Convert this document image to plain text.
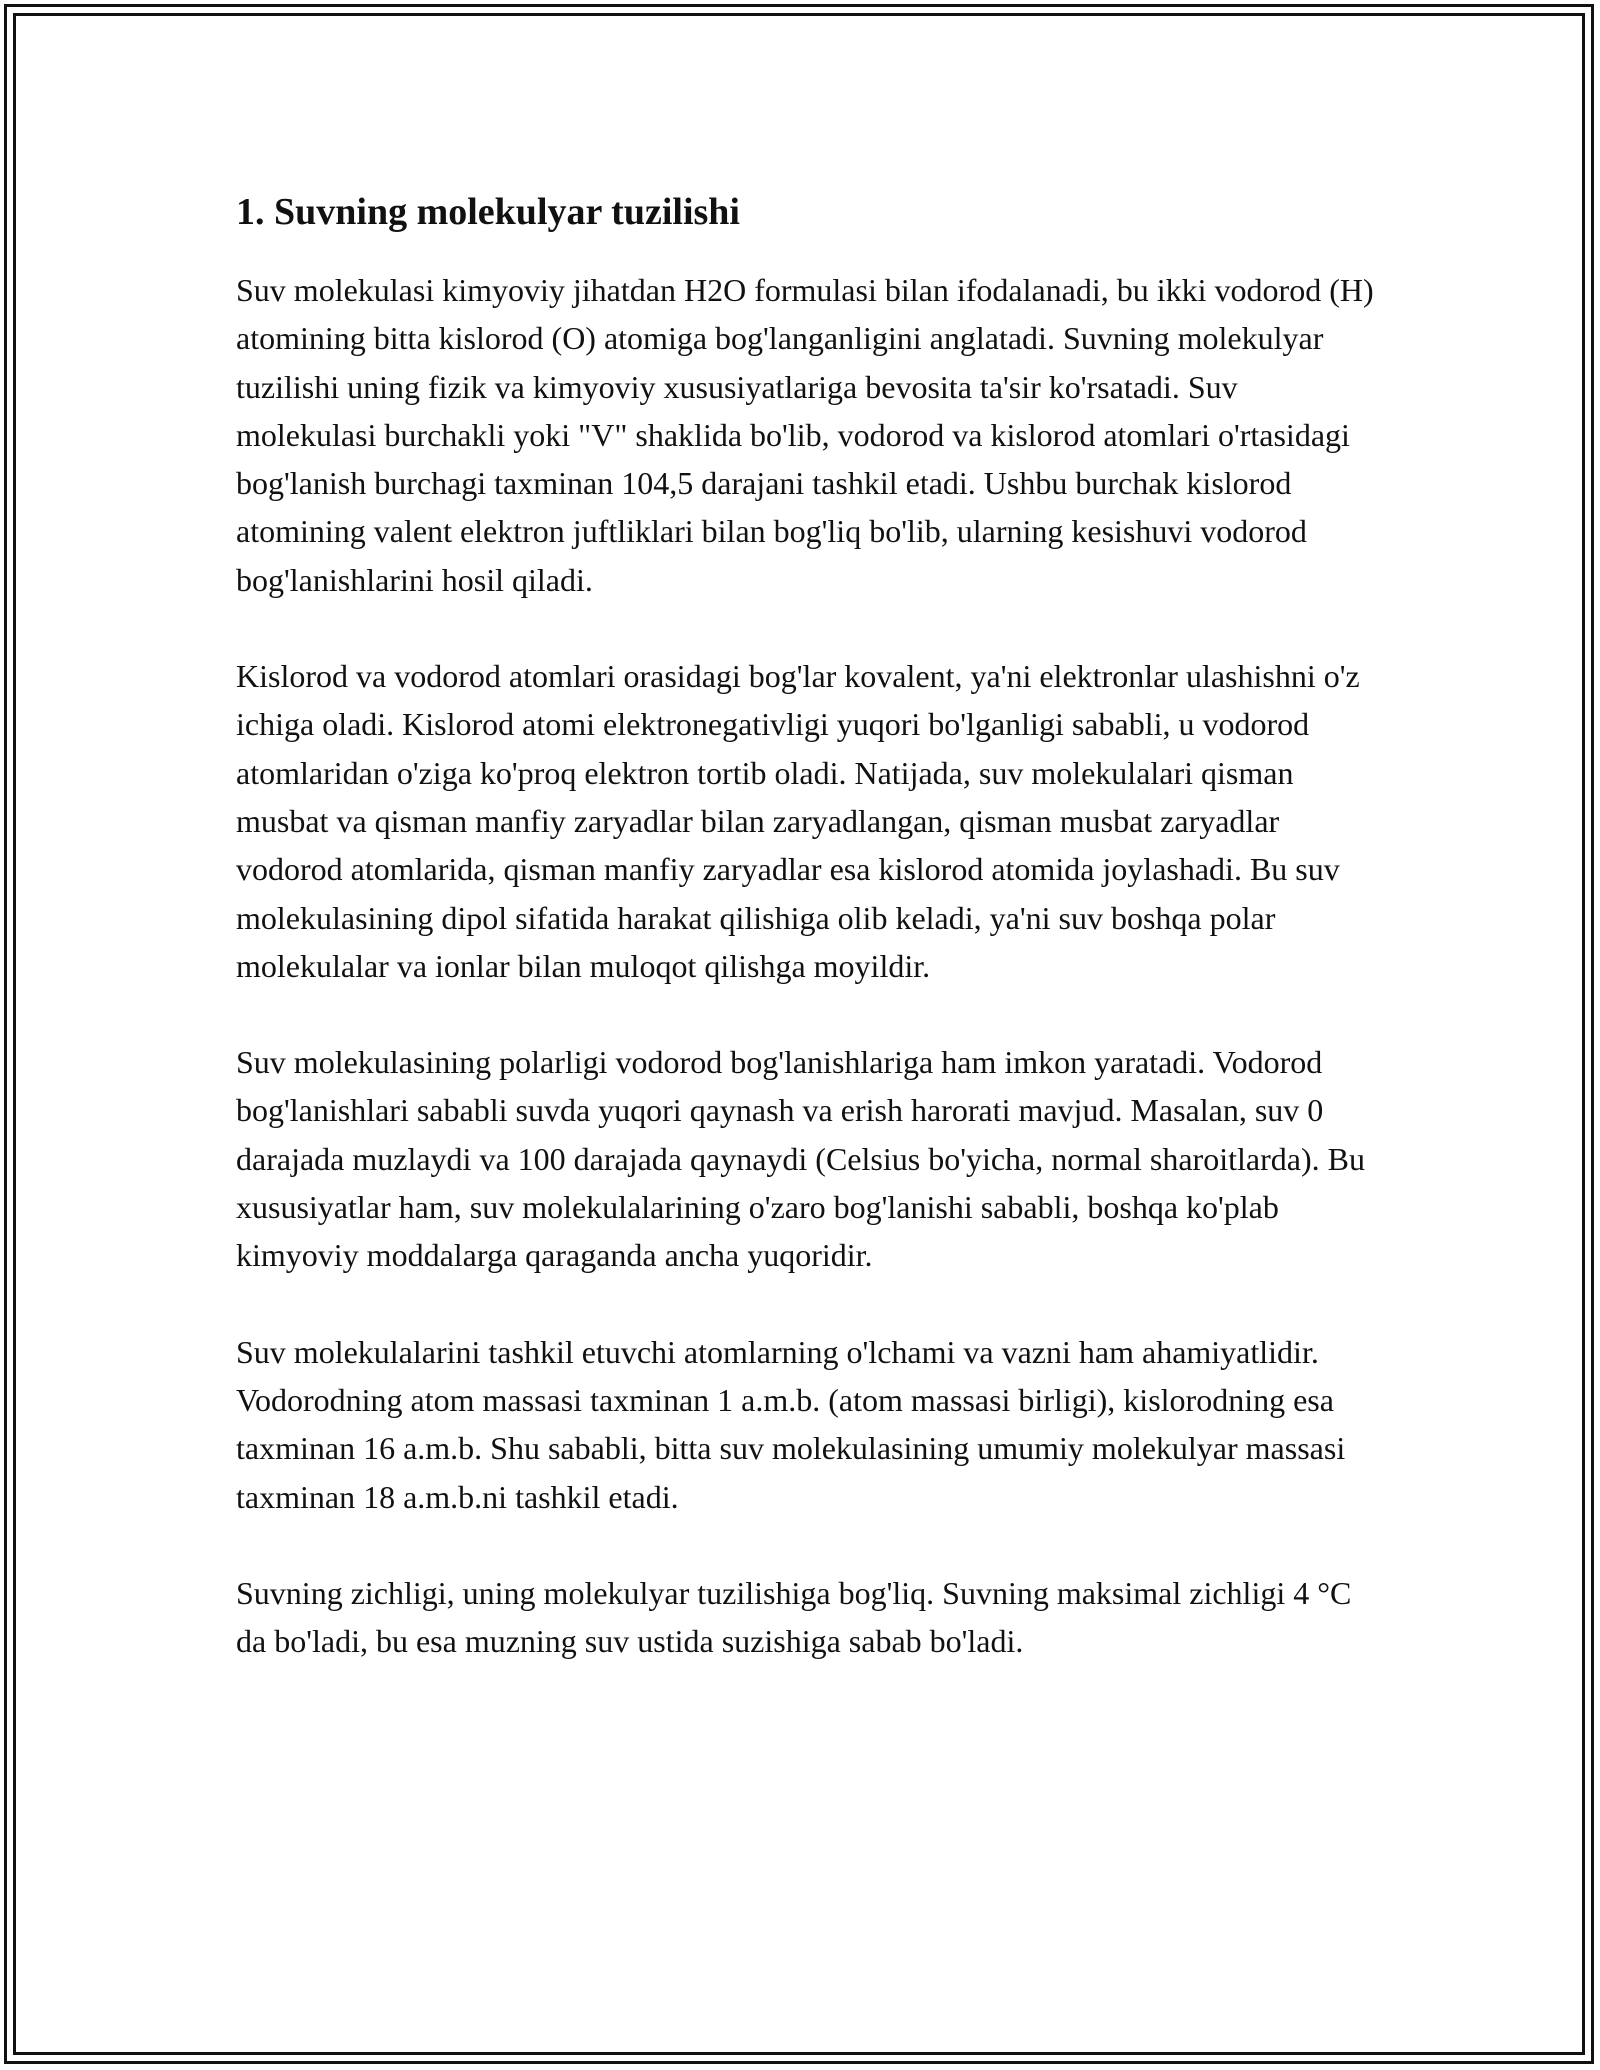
1. Suvning molekulyar tuzilishi

Suv molekulasi kimyoviy jihatdan H2O formulasi bilan ifodalanadi, bu ikki vodorod (H) atomining bitta kislorod (O) atomiga bog'langanligini anglatadi. Suvning molekulyar tuzilishi uning fizik va kimyoviy xususiyatlariga bevosita ta'sir ko'rsatadi. Suv molekulasi burchakli yoki "V" shaklida bo'lib, vodorod va kislorod atomlari o'rtasidagi bog'lanish burchagi taxminan 104,5 darajani tashkil etadi. Ushbu burchak kislorod atomining valent elektron juftliklari bilan bog'liq bo'lib, ularning kesishuvi vodorod bog'lanishlarini hosil qiladi.

Kislorod va vodorod atomlari orasidagi bog'lar kovalent, ya'ni elektronlar ulashishni o'z ichiga oladi. Kislorod atomi elektronegativligi yuqori bo'lganligi sababli, u vodorod atomlaridan o'ziga ko'proq elektron tortib oladi. Natijada, suv molekulalari qisman musbat va qisman manfiy zaryadlar bilan zaryadlangan, qisman musbat zaryadlar vodorod atomlarida, qisman manfiy zaryadlar esa kislorod atomida joylashadi. Bu suv molekulasining dipol sifatida harakat qilishiga olib keladi, ya'ni suv boshqa polar molekulalar va ionlar bilan muloqot qilishga moyildir.

Suv molekulasining polarligi vodorod bog'lanishlariga ham imkon yaratadi. Vodorod bog'lanishlari sababli suvda yuqori qaynash va erish harorati mavjud. Masalan, suv 0 darajada muzlaydi va 100 darajada qaynaydi (Celsius bo'yicha, normal sharoitlarda). Bu xususiyatlar ham, suv molekulalarining o'zaro bog'lanishi sababli, boshqa ko'plab kimyoviy moddalarga qaraganda ancha yuqoridir.

Suv molekulalarini tashkil etuvchi atomlarning o'lchami va vazni ham ahamiyatlidir. Vodorodning atom massasi taxminan 1 a.m.b. (atom massasi birligi), kislorodning esa taxminan 16 a.m.b. Shu sababli, bitta suv molekulasining umumiy molekulyar massasi taxminan 18 a.m.b.ni tashkil etadi.

Suvning zichligi, uning molekulyar tuzilishiga bog'liq. Suvning maksimal zichligi 4 °C da bo'ladi, bu esa muzning suv ustida suzishiga sabab bo'ladi.
